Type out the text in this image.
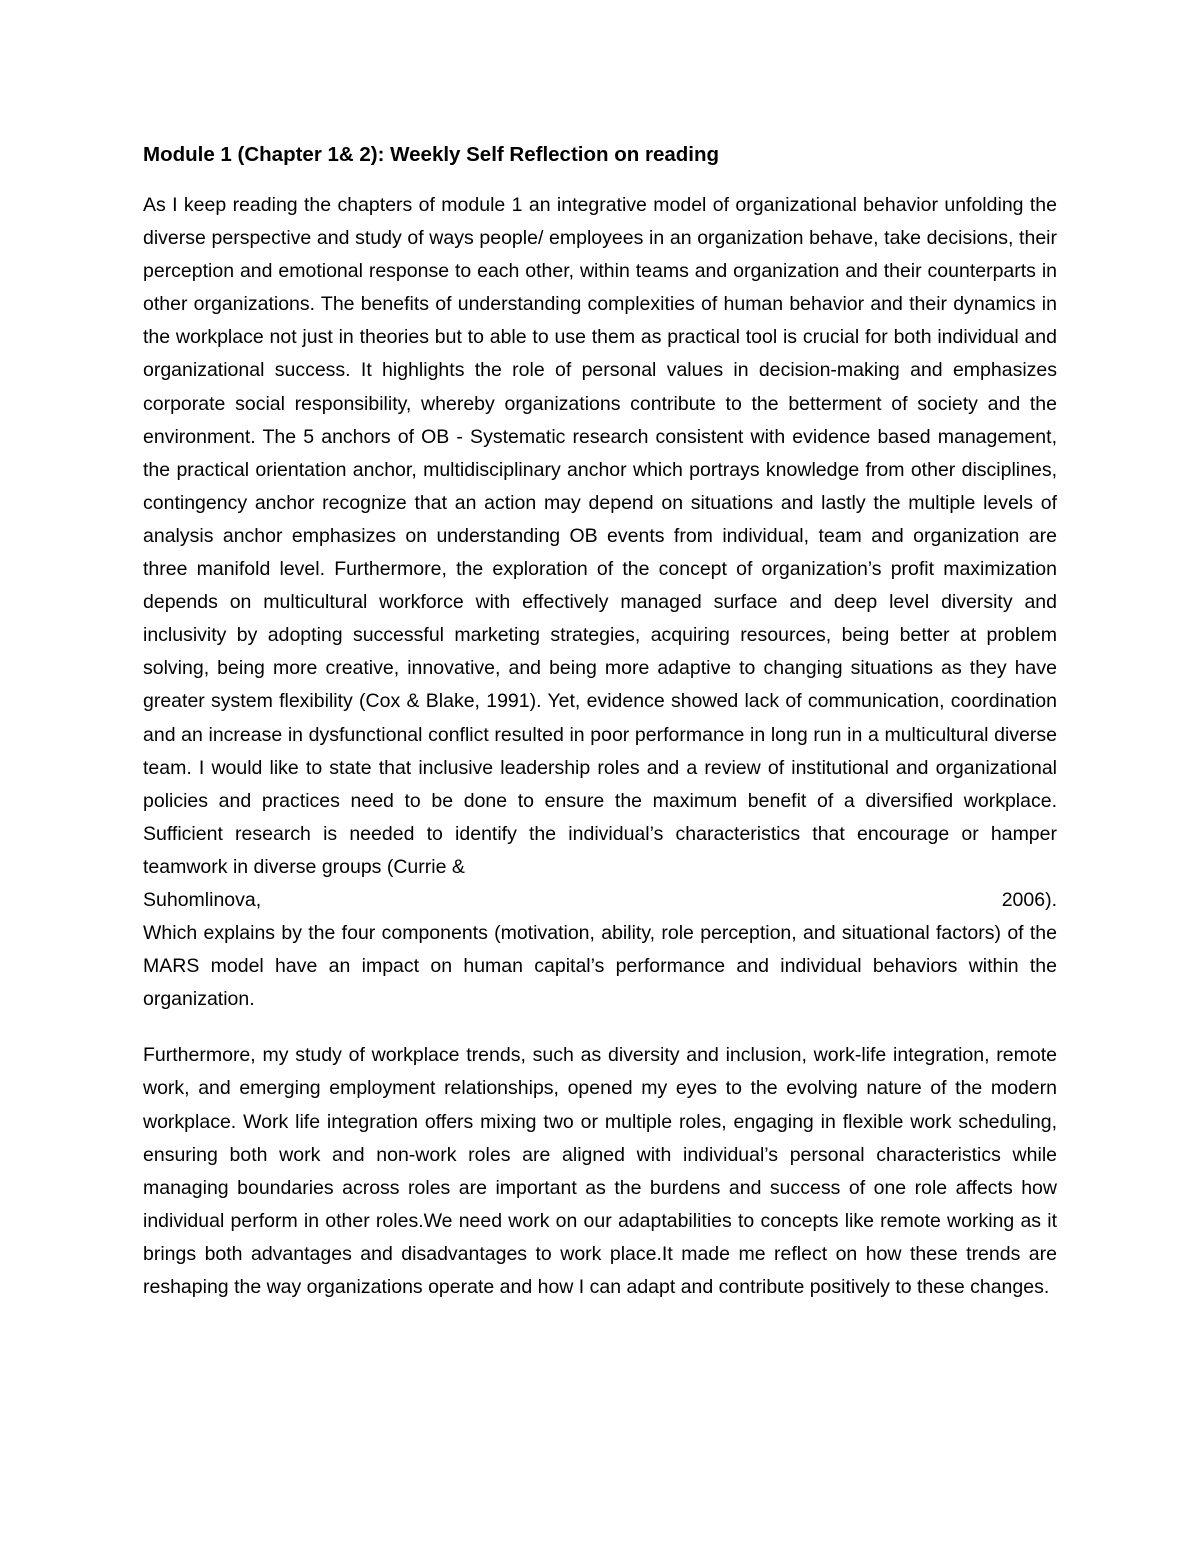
Module 1 (Chapter 1& 2): Weekly Self Reflection on reading

As I keep reading the chapters of module 1 an integrative model of organizational behavior unfolding the diverse perspective and study of ways people/ employees in an organization behave, take decisions, their perception and emotional response to each other, within teams and organization and their counterparts in other organizations. The benefits of understanding complexities of human behavior and their dynamics in the workplace not just in theories but to able to use them as practical tool is crucial for both individual and organizational success. It highlights the role of personal values in decision-making and emphasizes corporate social responsibility, whereby organizations contribute to the betterment of society and the environment. The 5 anchors of OB - Systematic research consistent with evidence based management, the practical orientation anchor, multidisciplinary anchor which portrays knowledge from other disciplines, contingency anchor recognize that an action may depend on situations and lastly the multiple levels of analysis anchor emphasizes on understanding OB events from individual, team and organization are three manifold level. Furthermore, the exploration of the concept of organization’s profit maximization depends on multicultural workforce with effectively managed surface and deep level diversity and inclusivity by adopting successful marketing strategies, acquiring resources, being better at problem solving, being more creative, innovative, and being more adaptive to changing situations as they have greater system flexibility (Cox & Blake, 1991). Yet, evidence showed lack of communication, coordination and an increase in dysfunctional conflict resulted in poor performance in long run in a multicultural diverse team. I would like to state that inclusive leadership roles and a review of institutional and organizational policies and practices need to be done to ensure the maximum benefit of a diversified workplace. Sufficient research is needed to identify the individual’s characteristics that encourage or hamper teamwork in diverse groups (Currie &

Suhomlinova,	2006).

Which explains by the four components (motivation, ability, role perception, and situational factors) of the MARS model have an impact on human capital’s performance and individual behaviors within the organization.

Furthermore, my study of workplace trends, such as diversity and inclusion, work-life integration, remote work, and emerging employment relationships, opened my eyes to the evolving nature of the modern workplace. Work life integration offers mixing two or multiple roles, engaging in flexible work scheduling, ensuring both work and non-work roles are aligned with individual’s personal characteristics while managing boundaries across roles are important as the burdens and success of one role affects how individual perform in other roles.We need work on our adaptabilities to concepts like remote working as it brings both advantages and disadvantages to work place.It made me reflect on how these trends are reshaping the way organizations operate and how I can adapt and contribute positively to these changes.
